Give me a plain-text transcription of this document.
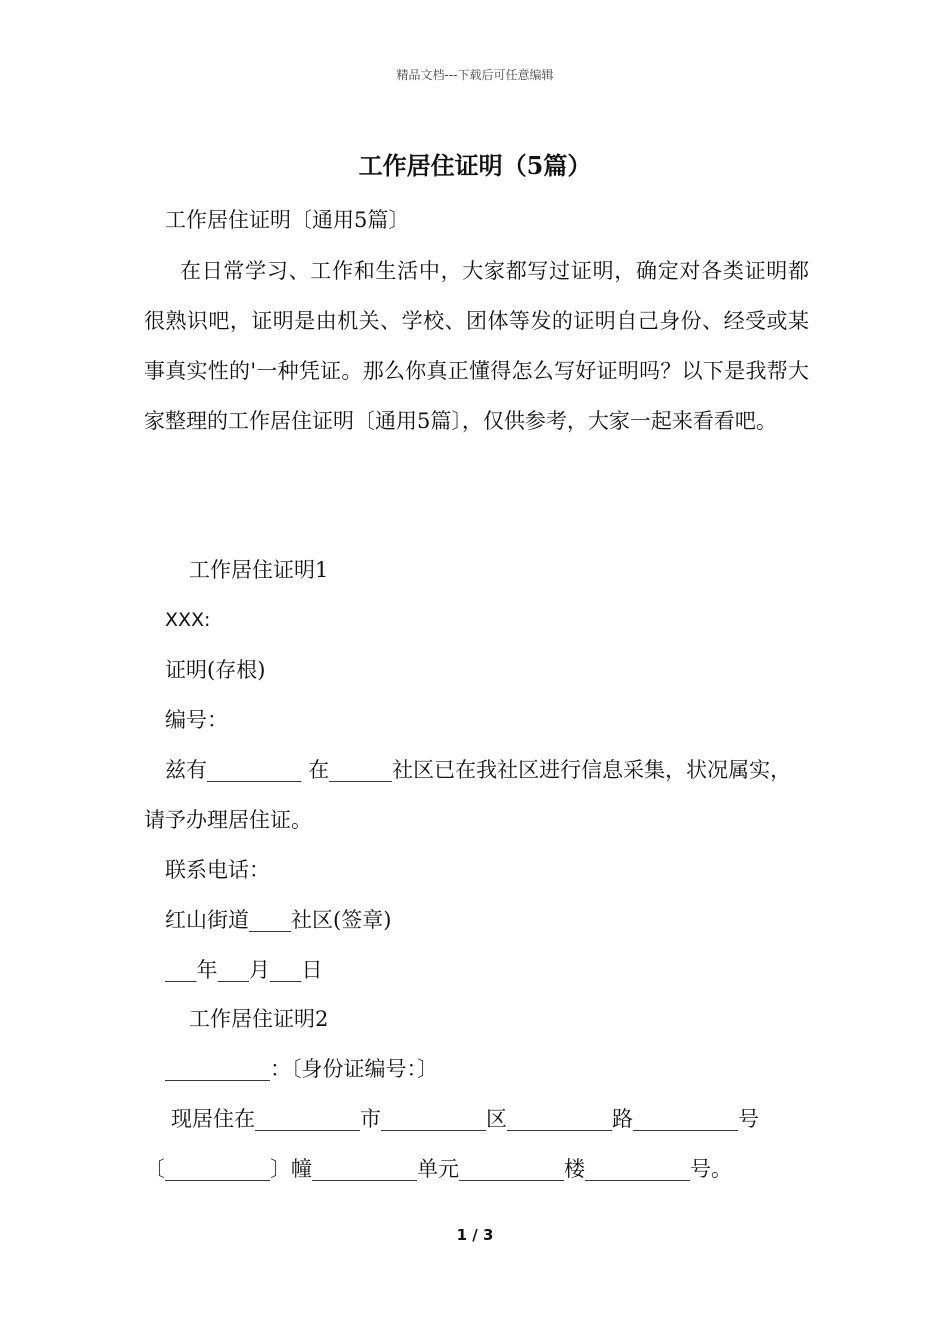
精品文档---下载后可任意编辑
工作居住证明（5篇）
工作居住证明〔通用5篇〕
在日常学习、工作和生活中，大家都写过证明，确定对各类证明都很熟识吧，证明是由机关、学校、团体等发的证明自己身份、经受或某事真实性的'一种凭证。那么你真正懂得怎么写好证明吗？以下是我帮大家整理的工作居住证明〔通用5篇〕，仅供参考，大家一起来看看吧。
工作居住证明1
XXX:
证明(存根)
编号：
兹有_________ 在______社区已在我社区进行信息采集，状况属实，
请予办理居住证。
联系电话：
红山街道____社区(签章)
___年___月___日
工作居住证明2
__________：〔身份证编号：〕
现居住在__________市__________区__________路__________号
〔__________〕幢__________单元__________楼__________号。
1 / 3
